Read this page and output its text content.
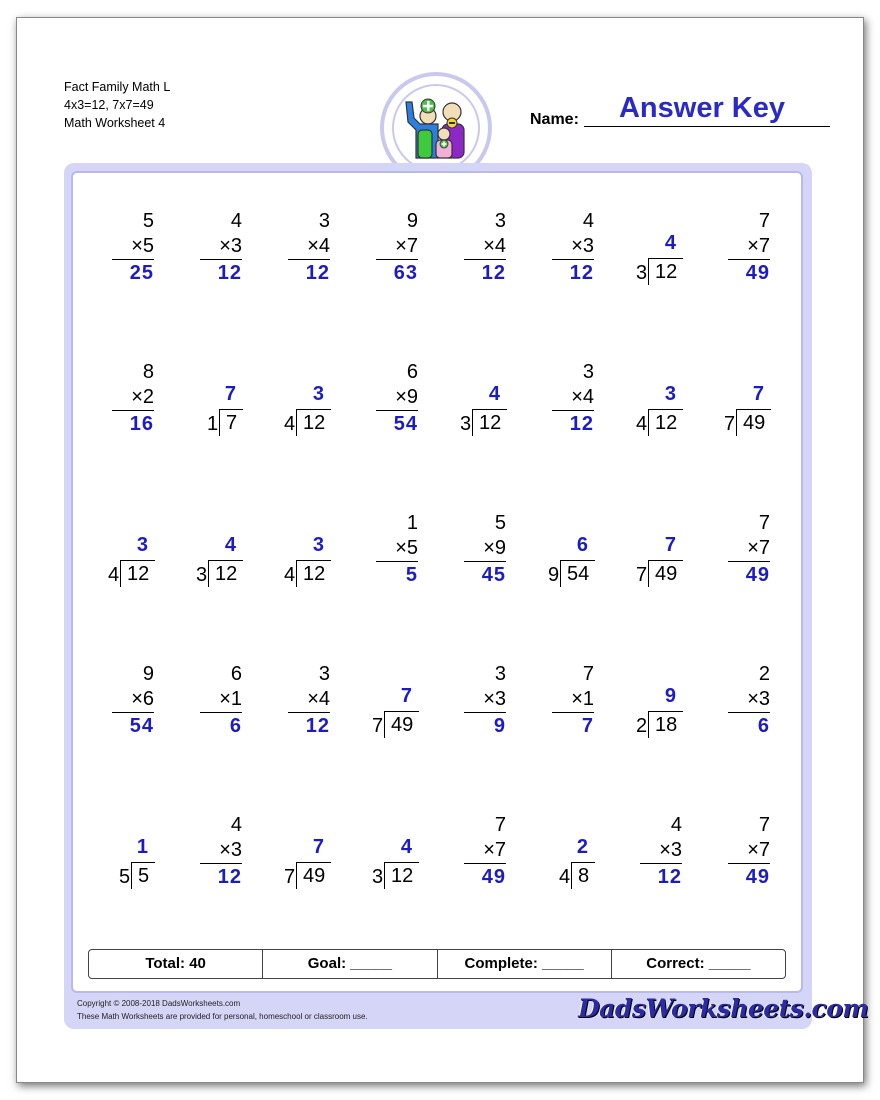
Fact Family Math L
4x3=12, 7x7=49
Math Worksheet 4	Name:	Answer Key
5
×5
25
4
×3
12
3
×4
12
9
×7
63
3
×4
12
4
×3
12
4
3 12
7
×7
49
8
×2
16
7
1 7
3
4 12
6
×9
54
4
3 12
3
×4
12
3
4 12
7
7 49
3
4 12
4
3 12
3
4 12
1
×5
5
5
×9
45
6
9 54
7
7 49
7
×7
49
9
×6
54
6
×1
6
3
×4
12
7
7 49
3
×3
9
7
×1
7
9
2 18
2
×3
6
1
5 5
4
×3
12
7
7 49
4
3 12
7
×7
49
2
4 8
4
×3
12
7
×7
49
Total: 40	Goal: _____	Complete: _____	Correct: _____
Copyright © 2008-2018 DadsWorksheets.com
These Math Worksheets are provided for personal, homeschool or classroom use.	DadsWorksheets.com
